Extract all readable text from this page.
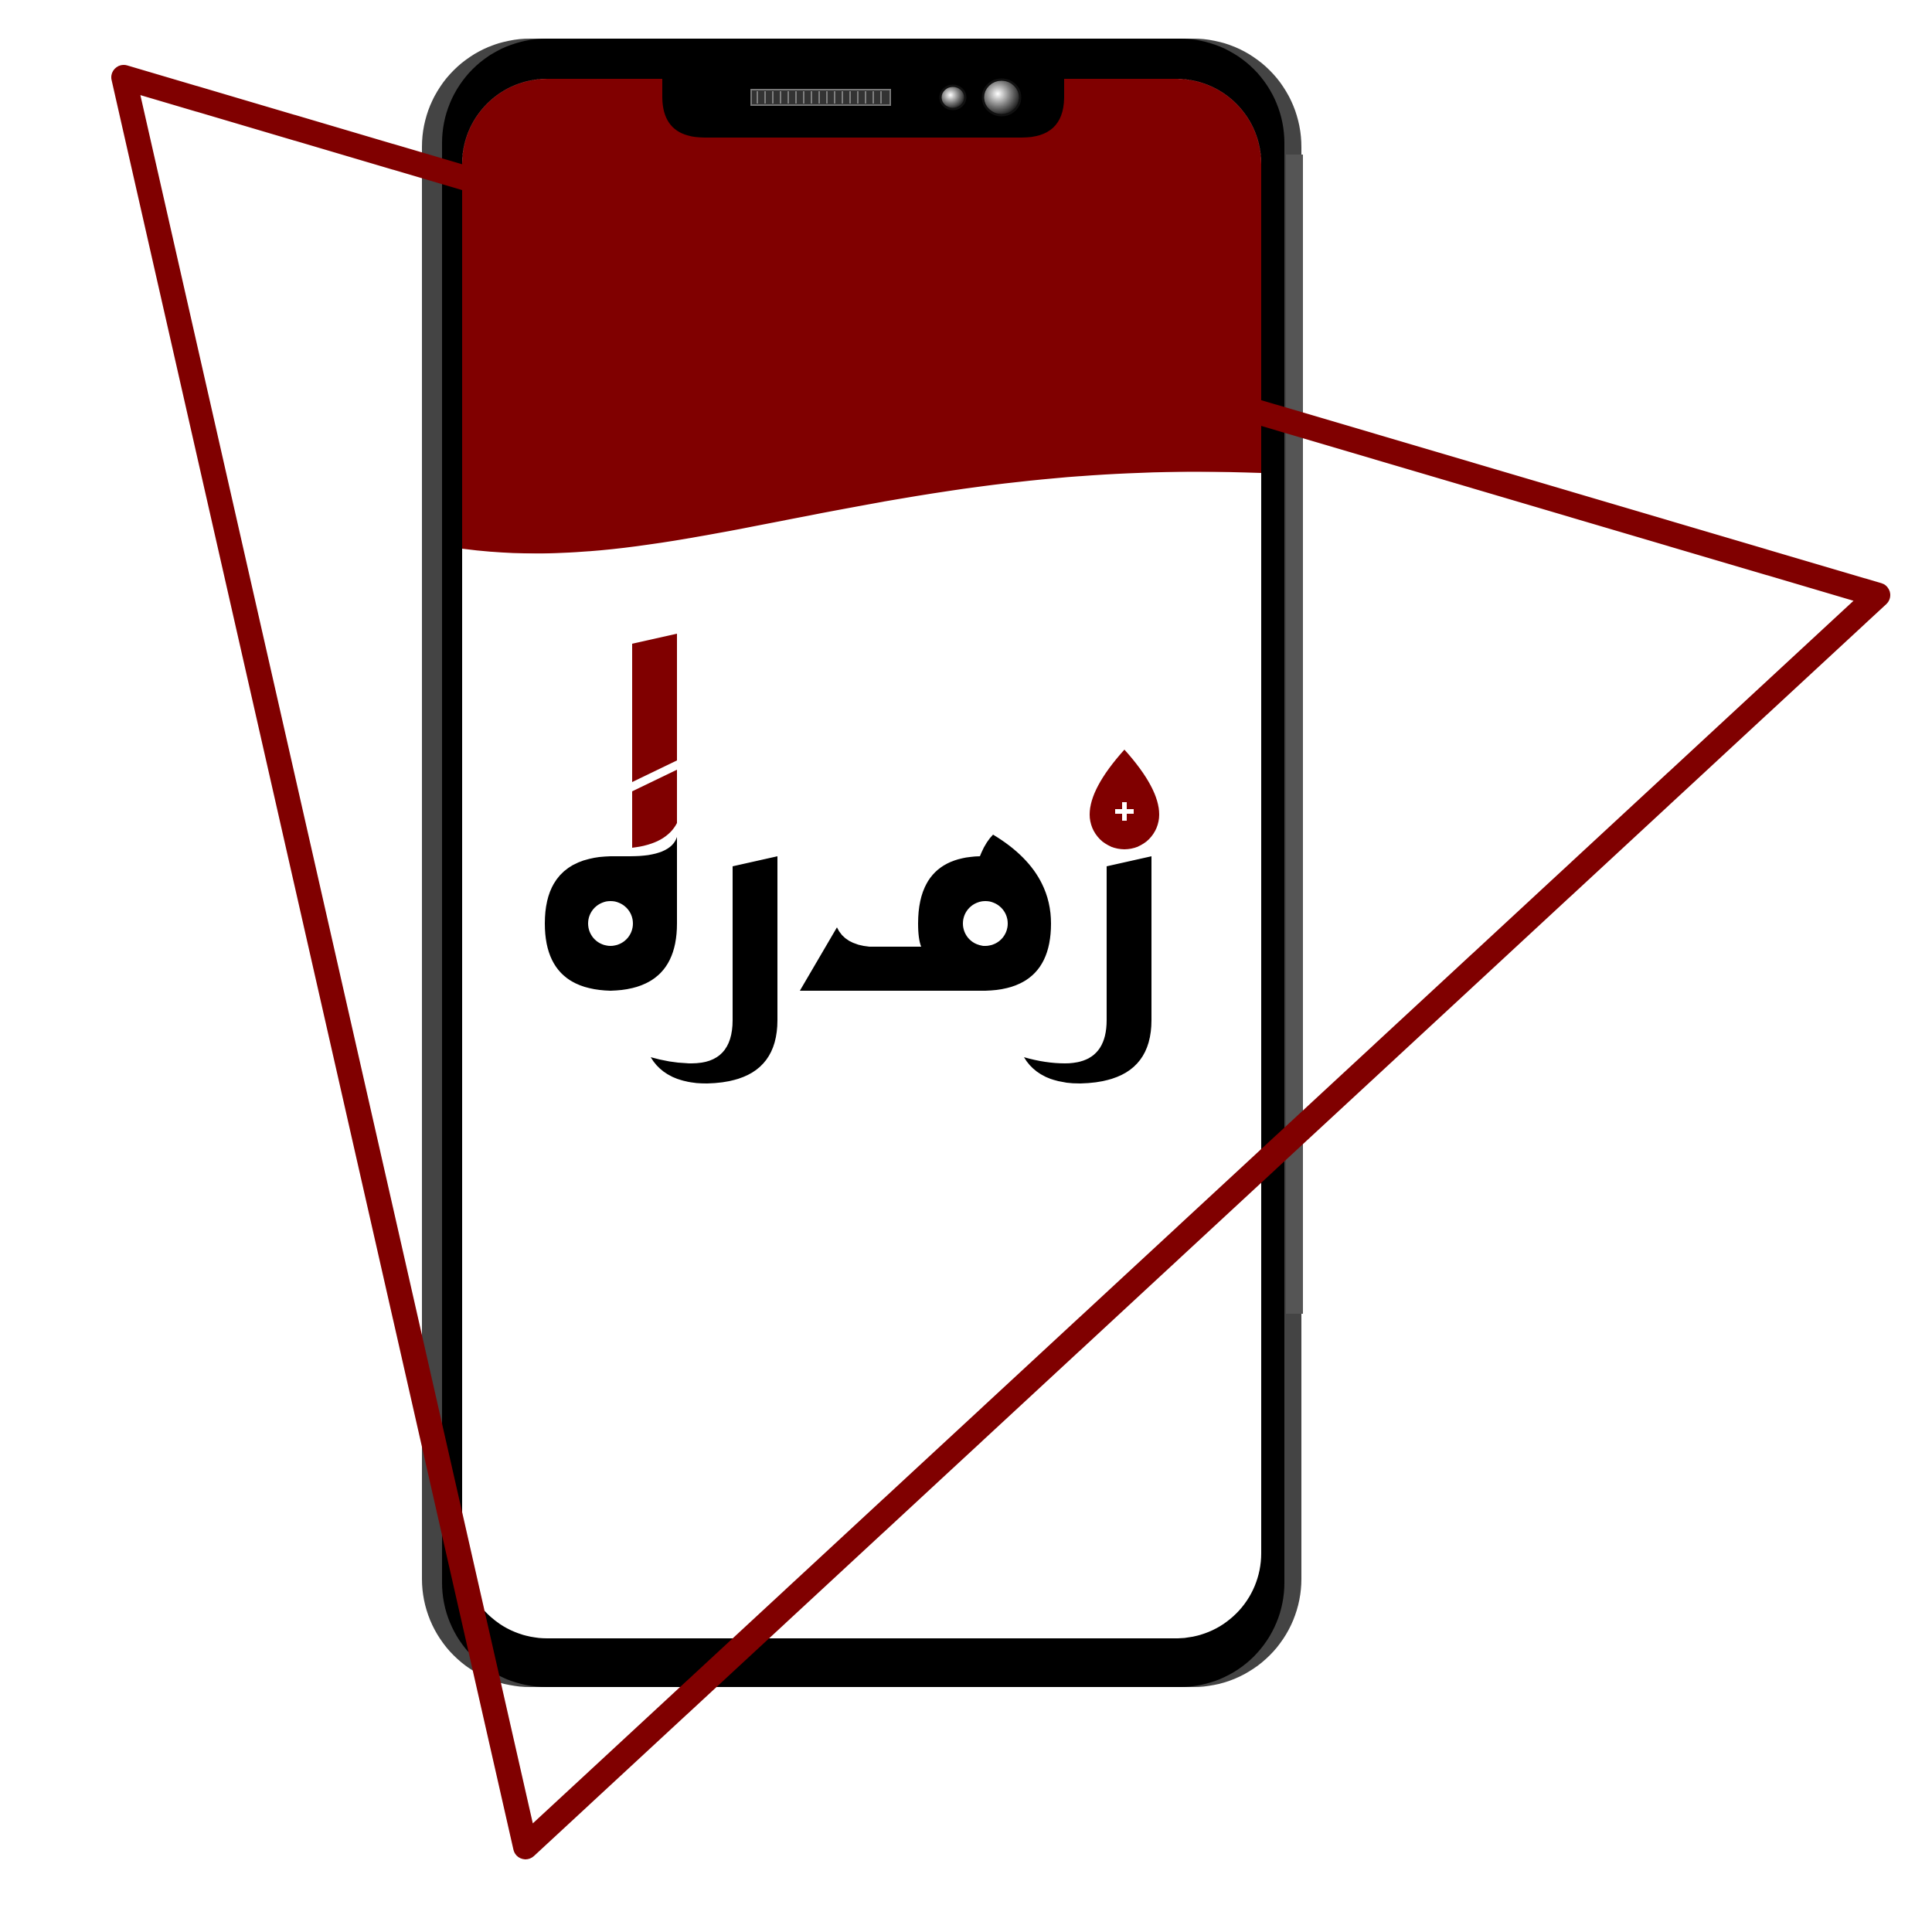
زهرة
